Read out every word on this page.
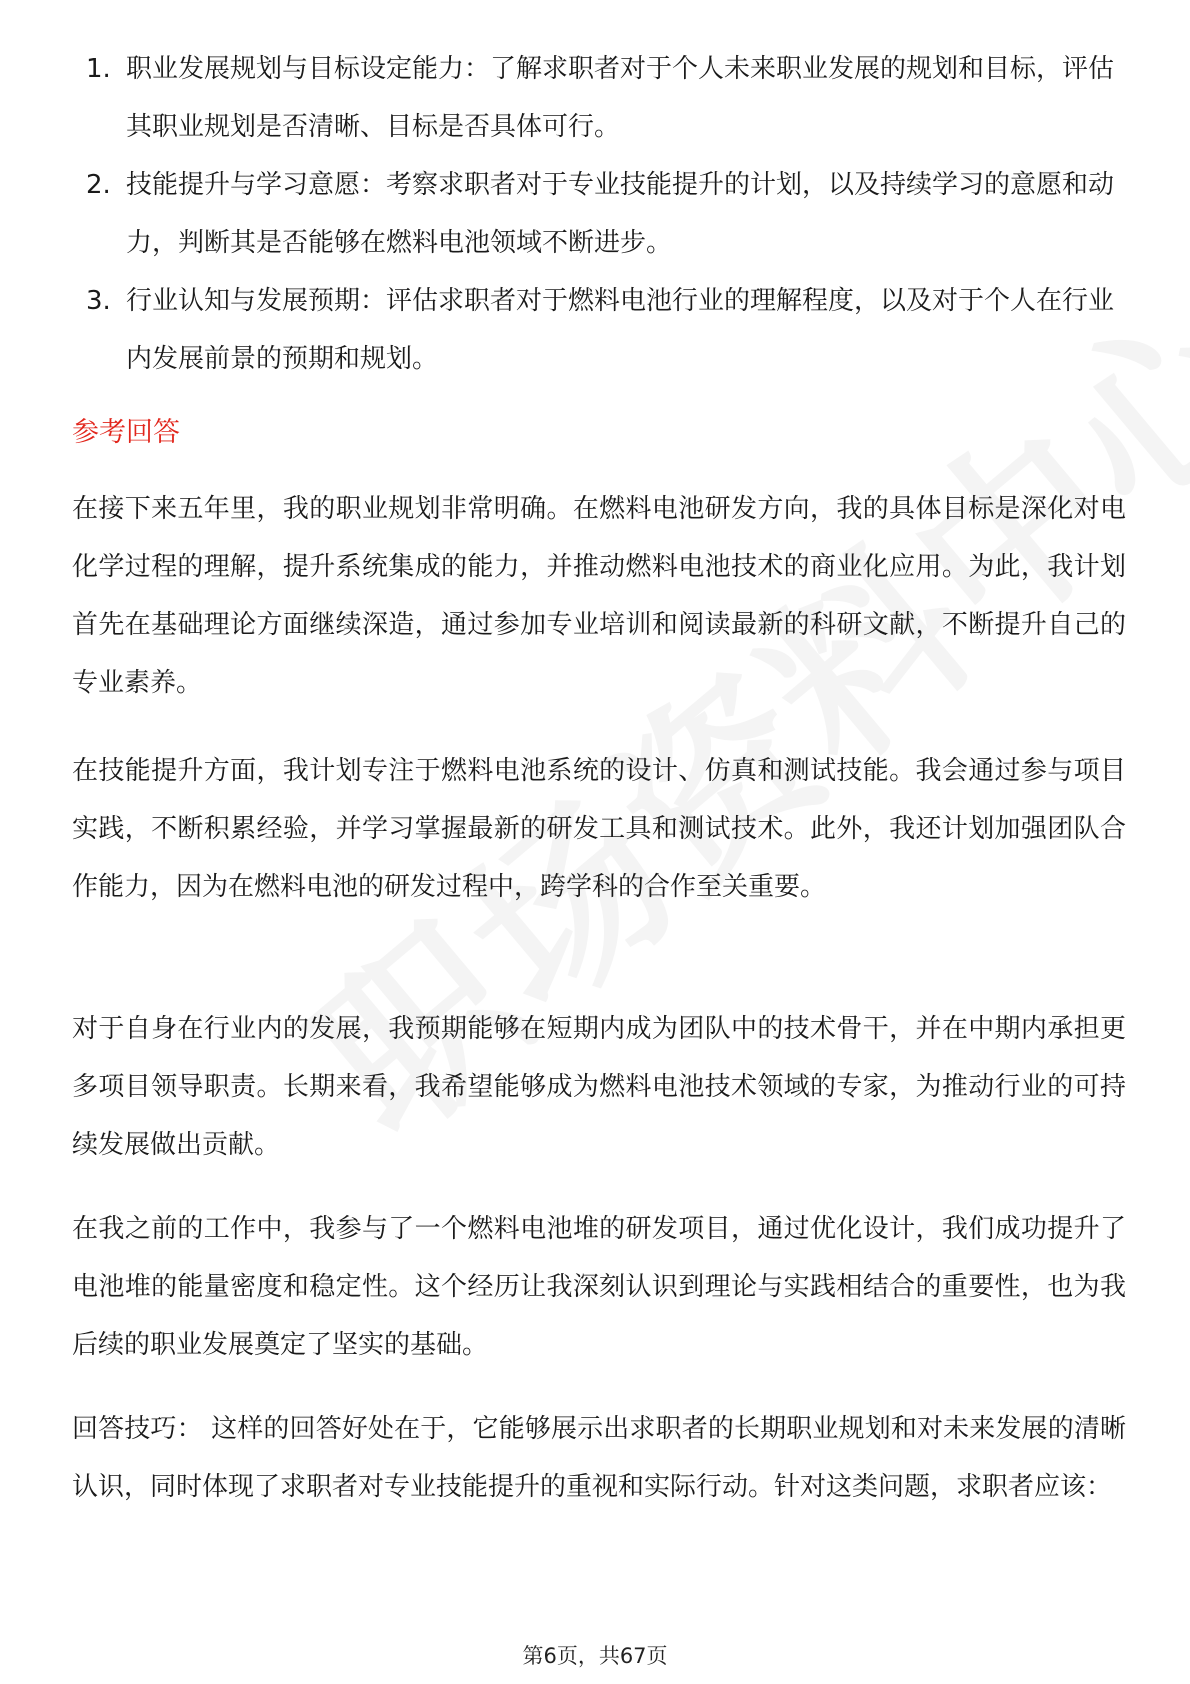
1. 职业发展规划与目标设定能力：了解求职者对于个人未来职业发展的规划和目标，评估其职业规划是否清晰、目标是否具体可行。
2. 技能提升与学习意愿：考察求职者对于专业技能提升的计划，以及持续学习的意愿和动力，判断其是否能够在燃料电池领域不断进步。
3. 行业认知与发展预期：评估求职者对于燃料电池行业的理解程度，以及对于个人在行业内发展前景的预期和规划。
参考回答

在接下来五年里，我的职业规划非常明确。在燃料电池研发方向，我的具体目标是深化对电化学过程的理解，提升系统集成的能力，并推动燃料电池技术的商业化应用。为此，我计划首先在基础理论方面继续深造，通过参加专业培训和阅读最新的科研文献，不断提升自己的专业素养。

在技能提升方面，我计划专注于燃料电池系统的设计、仿真和测试技能。我会通过参与项目实践，不断积累经验，并学习掌握最新的研发工具和测试技术。此外，我还计划加强团队合作能力，因为在燃料电池的研发过程中，跨学科的合作至关重要。

对于自身在行业内的发展，我预期能够在短期内成为团队中的技术骨干，并在中期内承担更多项目领导职责。长期来看，我希望能够成为燃料电池技术领域的专家，为推动行业的可持续发展做出贡献。

在我之前的工作中，我参与了一个燃料电池堆的研发项目，通过优化设计，我们成功提升了电池堆的能量密度和稳定性。这个经历让我深刻认识到理论与实践相结合的重要性，也为我后续的职业发展奠定了坚实的基础。

回答技巧： 这样的回答好处在于，它能够展示出求职者的长期职业规划和对未来发展的清晰认识，同时体现了求职者对专业技能提升的重视和实际行动。针对这类问题，求职者应该：

第6页，共67页
